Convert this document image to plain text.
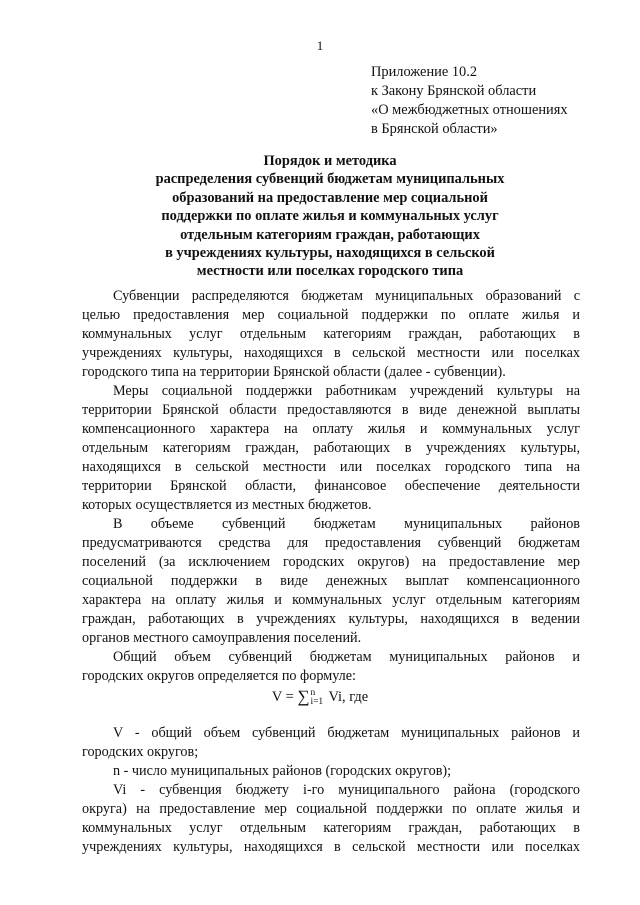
1
Приложение 10.2
к Закону Брянской области
«О межбюджетных отношениях
в Брянской области»
Порядок и методика
распределения субвенций бюджетам муниципальных
образований на предоставление мер социальной
поддержки по оплате жилья и коммунальных услуг
отдельным категориям граждан, работающих
в учреждениях культуры, находящихся в сельской
местности или поселках городского типа

Субвенции распределяются бюджетам муниципальных образований с
целью предоставления мер социальной поддержки по оплате жилья и
коммунальных услуг отдельным категориям граждан, работающих в
учреждениях культуры, находящихся в сельской местности или поселках
городского типа на территории Брянской области (далее - субвенции).

Меры социальной поддержки работникам учреждений культуры на
территории Брянской области предоставляются в виде денежной выплаты
компенсационного характера на оплату жилья и коммунальных услуг
отдельным категориям граждан, работающих в учреждениях культуры,
находящихся в сельской местности или поселках городского типа на
территории Брянской области, финансовое обеспечение деятельности
которых осуществляется из местных бюджетов.

В объеме субвенций бюджетам муниципальных районов
предусматриваются средства для предоставления субвенций бюджетам
поселений (за исключением городских округов) на предоставление мер
социальной поддержки в виде денежных выплат компенсационного
характера на оплату жилья и коммунальных услуг отдельным категориям
граждан, работающих в учреждениях культуры, находящихся в ведении
органов местного самоуправления поселений.

Общий объем субвенций бюджетам муниципальных районов и
городских округов определяется по формуле:

V = ∑ n
i=1 Vi, где

V - общий объем субвенций бюджетам муниципальных районов и
городских округов;

n - число муниципальных районов (городских округов);

Vi - субвенция бюджету i-го муниципального района (городского
округа) на предоставление мер социальной поддержки по оплате жилья и
коммунальных услуг отдельным категориям граждан, работающих в
учреждениях культуры, находящихся в сельской местности или поселках
